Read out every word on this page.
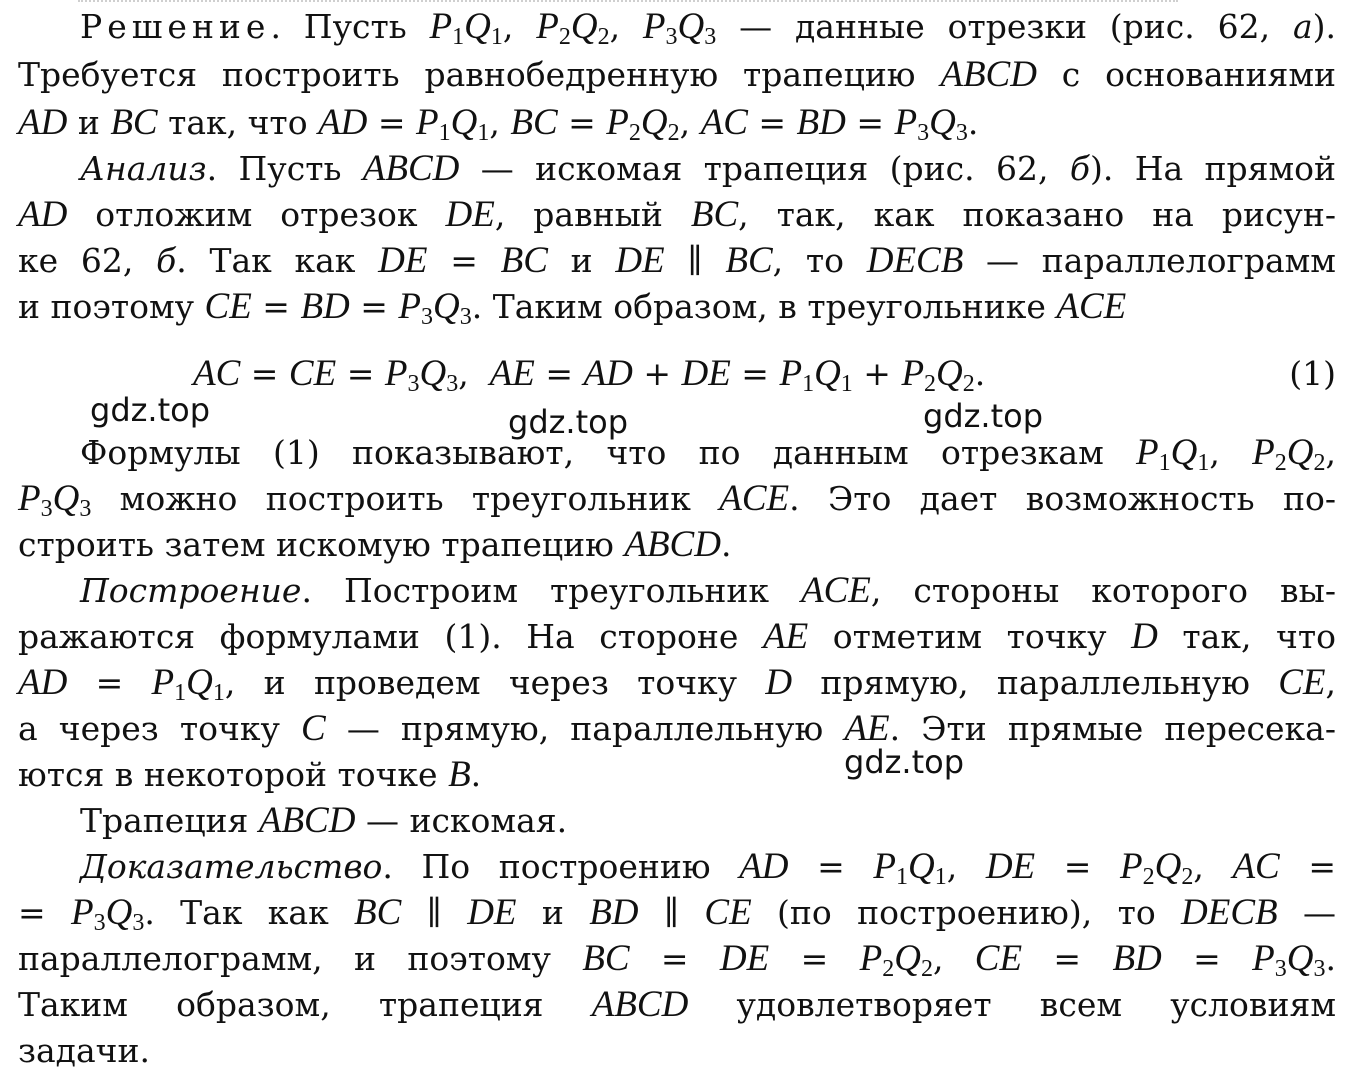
Решение. Пусть $P_1Q_1$, $P_2Q_2$, $P_3Q_3$ — данные отрезки (рис. 62, а).
Требуется построить равнобедренную трапецию ABCD с основаниями
AD и BC так, что AD = $P_1Q_1$, BC = $P_2Q_2$, AC = BD = $P_3Q_3$.
Анализ. Пусть ABCD — искомая трапеция (рис. 62, б). На прямой
AD отложим отрезок DE, равный BC, так, как показано на рисун-
ке 62, б. Так как DE = BC и DE ∥ BC, то DECB — параллелограмм
и поэтому CE = BD = $P_3Q_3$. Таким образом, в треугольнике ACE
AC = CE = $P_3Q_3$,  AE = AD + DE = $P_1Q_1 + P_2Q_2$.	(1)
Формулы (1) показывают, что по данным отрезкам $P_1Q_1$, $P_2Q_2$,
$P_3Q_3$ можно построить треугольник ACE. Это дает возможность по-
строить затем искомую трапецию ABCD.
Построение. Построим треугольник ACE, стороны которого вы-
ражаются формулами (1). На стороне AE отметим точку D так, что
AD = $P_1Q_1$, и проведем через точку D прямую, параллельную CE,
а через точку C — прямую, параллельную AE. Эти прямые пересека-
ются в некоторой точке B.
Трапеция ABCD — искомая.
Доказательство. По построению AD = $P_1Q_1$, DE = $P_2Q_2$, AC =
= $P_3Q_3$. Так как BC ∥ DE и BD ∥ CE (по построению), то DECB —
параллелограмм, и поэтому BC = DE = $P_2Q_2$, CE = BD = $P_3Q_3$.
Таким образом, трапеция ABCD удовлетворяет всем условиям
задачи.
gdz.top	gdz.top	gdz.top
gdz.top
